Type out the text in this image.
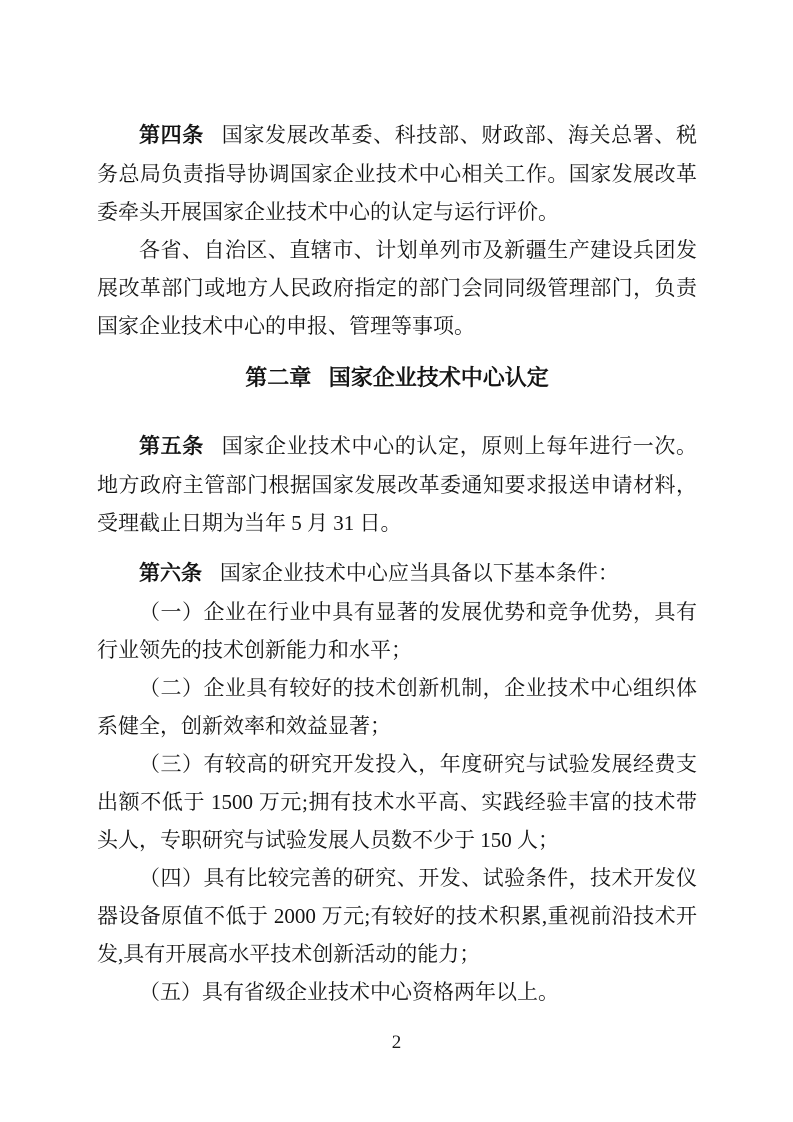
第四条 国家发展改革委、科技部、财政部、海关总署、税务总局负责指导协调国家企业技术中心相关工作。国家发展改革委牵头开展国家企业技术中心的认定与运行评价。

各省、自治区、直辖市、计划单列市及新疆生产建设兵团发展改革部门或地方人民政府指定的部门会同同级管理部门，负责国家企业技术中心的申报、管理等事项。

第二章 国家企业技术中心认定

第五条 国家企业技术中心的认定，原则上每年进行一次。地方政府主管部门根据国家发展改革委通知要求报送申请材料，受理截止日期为当年 5 月 31 日。

第六条 国家企业技术中心应当具备以下基本条件：

（一）企业在行业中具有显著的发展优势和竞争优势，具有行业领先的技术创新能力和水平；

（二）企业具有较好的技术创新机制，企业技术中心组织体系健全，创新效率和效益显著；

（三）有较高的研究开发投入，年度研究与试验发展经费支出额不低于 1500 万元;拥有技术水平高、实践经验丰富的技术带头人，专职研究与试验发展人员数不少于 150 人；

（四）具有比较完善的研究、开发、试验条件，技术开发仪器设备原值不低于 2000 万元;有较好的技术积累,重视前沿技术开发,具有开展高水平技术创新活动的能力；

（五）具有省级企业技术中心资格两年以上。

2
